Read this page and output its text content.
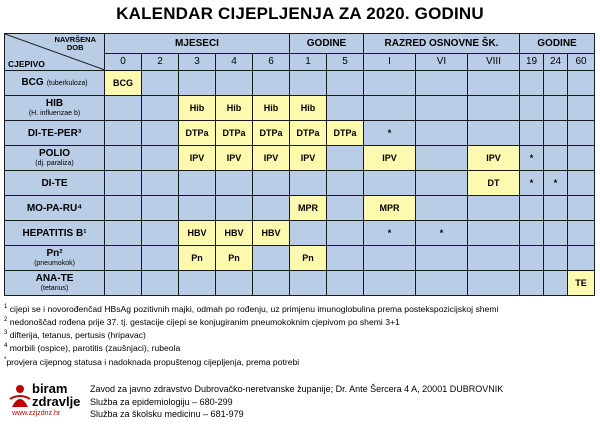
KALENDAR CIJEPLJENJA ZA 2020. GODINU
NAVRŠENA
DOB
CJEPIVO	MJESECI					GODINE		RAZRED OSNOVNE ŠK.			GODINE		
	0	2	3	4	6	1	5	I	VI	VIII	19	24	60
BCG (tuberkuloza)	BCG												
HIB
(H. influenzae b)			Hib	Hib	Hib	Hib							
DI-TE-PER³			DTPa	DTPa	DTPa	DTPa	DTPa	*					
POLIO
(dj. paraliza)			IPV	IPV	IPV	IPV		IPV		IPV	*		
DI-TE										DT	*	*	
MO-PA-RU⁴						MPR		MPR					
HEPATITIS B¹			HBV	HBV	HBV			*	*				
Pn²
(pneumokok)			Pn	Pn		Pn							
ANA-TE
(tetanus)													TE
$^1$ cijepi se i novorođenčad HBsAg pozitivnih majki, odmah po rođenju, uz primjenu imunoglobulina prema postekspozicijskoj shemi
$^2$ nedonoščad rođena prije 37. tj. gestacije cijepi se konjugiranim pneumokoknim cjepivom po shemi 3+1
$^3$ difterija, tetanus, pertusis (hripavac)
$^4$ morbili (ospice), parotitis (zaušnjaci), rubeola
*provjera cijepnog statusa i nadoknada propuštenog cijepljenja, prema potrebi
biram
zdravlje
www.zzjzdnz.hr
Zavod za javno zdravstvo Dubrovačko-neretvanske županije; Dr. Ante Šercera 4 A, 20001 DUBROVNIK
Služba za epidemiologiju – 680-299
Služba za školsku medicinu – 681-979
